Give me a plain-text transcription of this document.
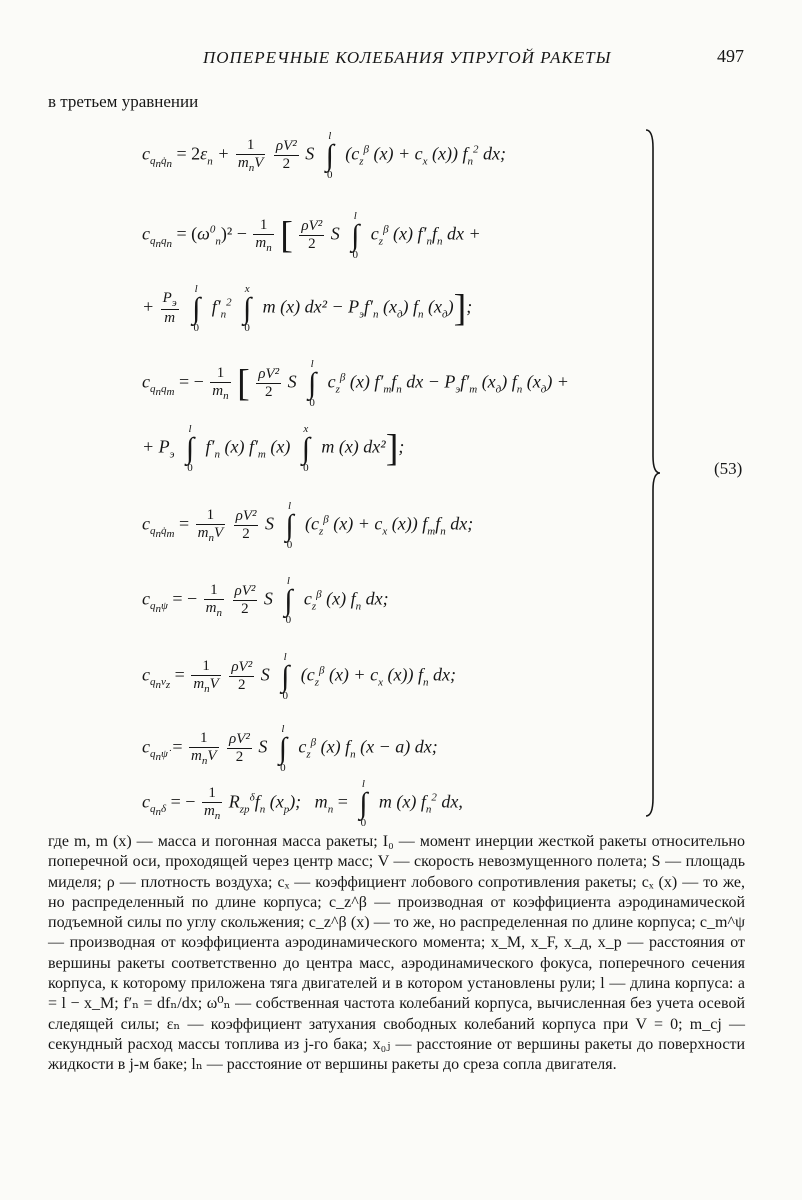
ПОПЕРЕЧНЫЕ КОЛЕБАНИЯ УПРУГОЙ РАКЕТЫ	497
в третьем уравнении
$c_{q_nq̇_n} = 2\varepsilon_n + \frac{1}{m_nV}$
$\frac{\text{ρV²}}{2}$ S
l
∫
0
($c_z^\beta$ $(x) + c_x$ (x)) $f_n^2$ dx;
$c_{q_nq_n} = (\omega^0_n)^2 - \frac{1}{m_n}$ [ $\frac{\text{ρV²}}{2}$ S
l
∫
0
$c_z^\beta$ (x) $f'_nf_n$ dx +
+ $\frac{P_э}{m}$

l
∫
0
$f'_n^2$
x
∫
0
m (x) $dx^2 - P_эf'_n$ $(x_д)$ $f_n$ $(x_д)$];
$c_{q_nq_m}$ = − $\frac{1}{m_n}$ [ $\frac{\text{ρV²}}{2}$ S
l
∫
0
$c_z^\beta$ (x) $f'_mf_n$ dx − $P_эf'_m$ $(x_д)$ $f_n$ $(x_д)$ +
+ $P_э$
l
∫
0
$f'_n$ (x) $f'_m$ (x)
x
∫
0
m (x) dx²];
$c_{q_nq̇_m} = \frac{1}{m_nV}$
$\frac{\text{ρV²}}{2}$ S
l
∫
0
($c_z^\beta$ $(x) + c_x$ (x)) $f_mf_n$ dx;
$c_{q_n\psi}$ = − $\frac{1}{m_n}$
$\frac{\text{ρV²}}{2}$ S
l
∫
0
$c_z^\beta$ (x) $f_n$ dx;
$c_{q_nv_z} = \frac{1}{m_nV}$
$\frac{\text{ρV²}}{2}$ S
l
∫
0
($c_z^\beta$ $(x) + c_x$ (x)) $f_n$ dx;
$c_{q_n\psi̇} = \frac{1}{m_nV}$
$\frac{\text{ρV²}}{2}$ S
l
∫
0
$c_z^\beta$ (x) $f_n$ (x − a) dx;
$c_{q_n\delta}$ = − $\frac{1}{m_n} R_{zp}^\delta f_n$ $(x_p)$;   $m_n$ =
l
∫
0
m (x) $f_n^2$ dx,
(53)

где m, m (x) — масса и погонная масса ракеты; I₀ — момент инерции жесткой ракеты относительно поперечной оси, проходящей через центр масс; V — скорость невозмущенного полета; S — площадь миделя; ρ — плотность воздуха; cₓ — коэффициент лобового сопротивления ракеты; cₓ (x) — то же, но распределенный по длине корпуса; c_z^β — производная от коэффициента аэродинамической подъемной силы по углу скольжения; c_z^β (x) — то же, но распределенная по длине корпуса; c_m^ψ — производная от коэффициента аэродинамического момента; x_M, x_F, x_д, x_p — расстояния от вершины ракеты соответственно до центра масс, аэродинамического фокуса, поперечного сечения корпуса, к которому приложена тяга двигателей и в котором установлены рули; l — длина корпуса: a = l − x_M; f′ₙ = dfₙ/dx; ω⁰ₙ — собственная частота колебаний корпуса, вычисленная без учета осевой следящей силы; εₙ — коэффициент затухания свободных колебаний корпуса при V = 0; m_cj — секундный расход массы топлива из j-го бака; x₀ⱼ — расстояние от вершины ракеты до поверхности жидкости в j-м баке; lₙ — расстояние от вершины ракеты до среза сопла двигателя.
